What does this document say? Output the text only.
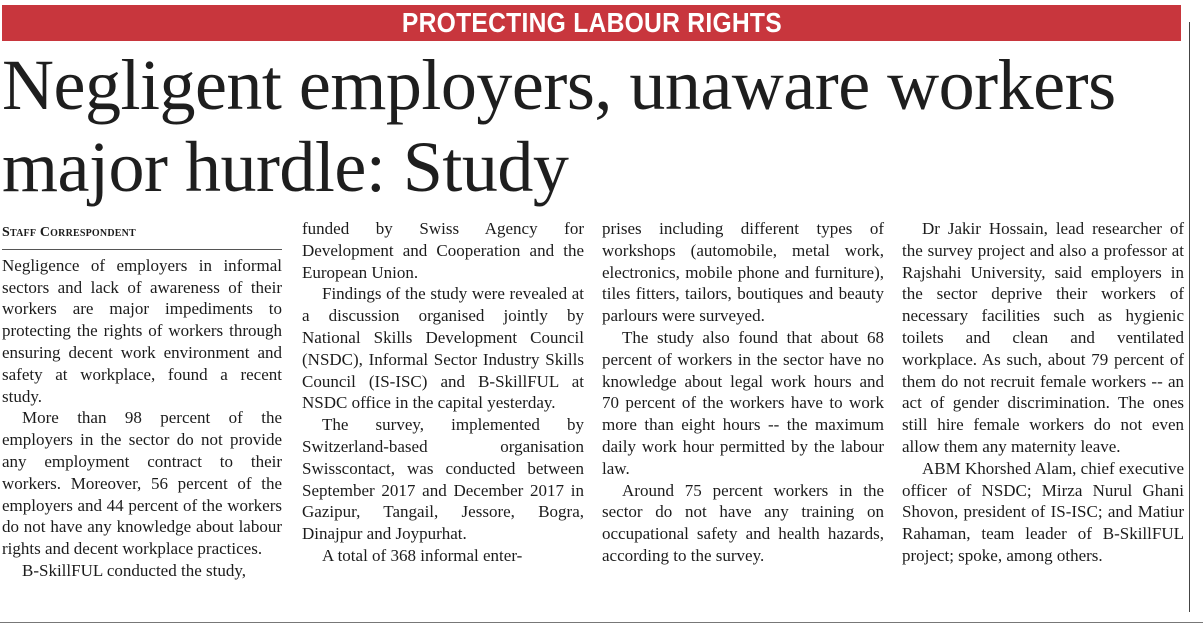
PROTECTING LABOUR RIGHTS
Negligent employers, unaware workers
major hurdle: Study
Staff Correspondent

Negligence of employers in informal sectors and lack of awareness of their workers are major impediments to protecting the rights of workers through ensuring decent work environment and safety at workplace, found a recent study.

More than 98 percent of the employers in the sector do not provide any employment contract to their workers. Moreover, 56 percent of the employers and 44 percent of the workers do not have any knowledge about labour rights and decent workplace practices.

B-SkillFUL conducted the study,

funded by Swiss Agency for Development and Cooperation and the European Union.

Findings of the study were revealed at a discussion organised jointly by National Skills Development Council (NSDC), Informal Sector Industry Skills Council (IS-ISC) and B-SkillFUL at NSDC office in the capital yesterday.

The survey, implemented by Switzerland-based organisation Swisscontact, was conducted between September 2017 and December 2017 in Gazipur, Tangail, Jessore, Bogra, Dinajpur and Joypurhat.

A total of 368 informal enter-

prises including different types of workshops (automobile, metal work, electronics, mobile phone and furniture), tiles fitters, tailors, boutiques and beauty parlours were surveyed.

The study also found that about 68 percent of workers in the sector have no knowledge about legal work hours and 70 percent of the workers have to work more than eight hours -- the maximum daily work hour permitted by the labour law.

Around 75 percent workers in the sector do not have any training on occupational safety and health hazards, according to the survey.

Dr Jakir Hossain, lead researcher of the survey project and also a professor at Rajshahi University, said employers in the sector deprive their workers of necessary facilities such as hygienic toilets and clean and ventilated workplace. As such, about 79 percent of them do not recruit female workers -- an act of gender discrimination. The ones still hire female workers do not even allow them any maternity leave.

ABM Khorshed Alam, chief executive officer of NSDC; Mirza Nurul Ghani Shovon, president of IS-ISC; and Matiur Rahaman, team leader of B-SkillFUL project; spoke, among others.
